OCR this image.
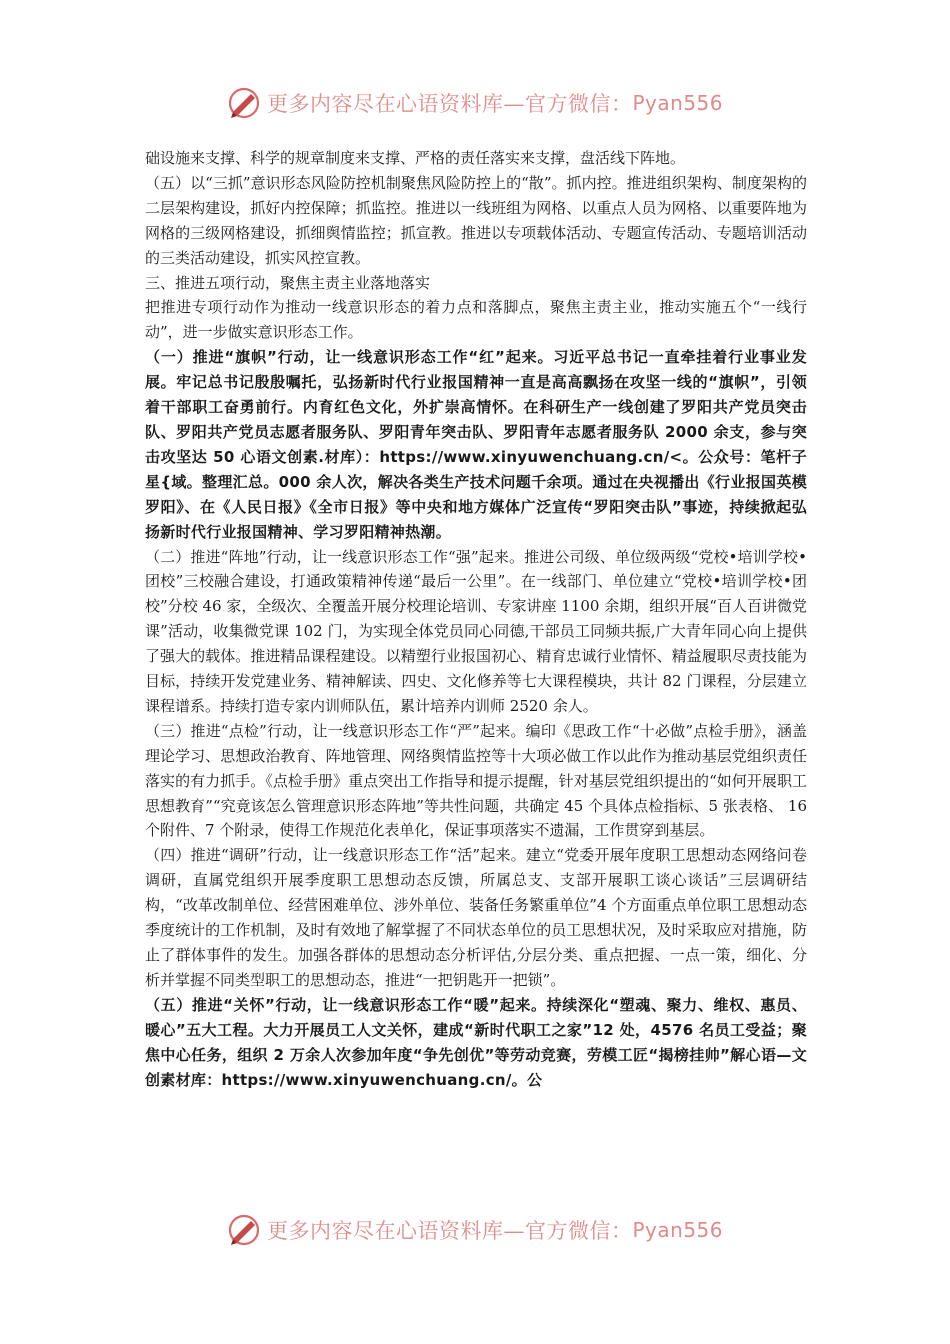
更多内容尽在心语资料库—官方微信： Pyan556

础设施来支撑、科学的规章制度来支撑、严格的责任落实来支撑，盘活线下阵地。

（五）以“三抓”意识形态风险防控机制聚焦风险防控上的“散”。抓内控。推进组织架构、制度架构的二层架构建设，抓好内控保障；抓监控。推进以一线班组为网格、以重点人员为网格、以重要阵地为网格的三级网格建设，抓细舆情监控；抓宣教。推进以专项载体活动、专题宣传活动、专题培训活动的三类活动建设，抓实风控宣教。

三、推进五项行动，聚焦主责主业落地落实

把推进专项行动作为推动一线意识形态的着力点和落脚点，聚焦主责主业，推动实施五个“一线行动”，进一步做实意识形态工作。

（一）推进“旗帜”行动，让一线意识形态工作“红”起来。习近平总书记一直牵挂着行业事业发展。牢记总书记殷殷嘱托，弘扬新时代行业报国精神一直是高高飘扬在攻坚一线的“旗帜”，引领着干部职工奋勇前行。内育红色文化，外扩崇高情怀。在科研生产一线创建了罗阳共产党员突击队、罗阳共产党员志愿者服务队、罗阳青年突击队、罗阳青年志愿者服务队 2000 余支，参与突击攻坚达 50 心语文创素.材库）：https://www.xinyuwenchuang.cn/<。公众号：笔杆子星{域。整理汇总。000 余人次，解决各类生产技术问题千余项。通过在央视播出《行业报国英模罗阳》、在《人民日报》《全市日报》等中央和地方媒体广泛宣传“罗阳突击队”事迹，持续掀起弘扬新时代行业报国精神、学习罗阳精神热潮。

（二）推进“阵地”行动，让一线意识形态工作“强”起来。推进公司级、单位级两级“党校•培训学校•团校”三校融合建设，打通政策精神传递“最后一公里”。在一线部门、单位建立“党校•培训学校•团校”分校 46 家，全级次、全覆盖开展分校理论培训、专家讲座 1100 余期，组织开展“百人百讲微党课”活动，收集微党课 102 门，为实现全体党员同心同德,干部员工同频共振,广大青年同心向上提供了强大的载体。推进精品课程建设。以精塑行业报国初心、精育忠诚行业情怀、精益履职尽责技能为目标，持续开发党建业务、精神解读、四史、文化修养等七大课程模块，共计 82 门课程，分层建立课程谱系。持续打造专家内训师队伍，累计培养内训师 2520 余人。

（三）推进“点检”行动，让一线意识形态工作“严”起来。编印《思政工作“十必做”点检手册》，涵盖理论学习、思想政治教育、阵地管理、网络舆情监控等十大项必做工作以此作为推动基层党组织责任落实的有力抓手。《点检手册》重点突出工作指导和提示提醒，针对基层党组织提出的“如何开展职工思想教育”“究竟该怎么管理意识形态阵地”等共性问题，共确定 45 个具体点检指标、5 张表格、 16 个附件、7 个附录，使得工作规范化表单化，保证事项落实不遗漏，工作贯穿到基层。

（四）推进“调研”行动，让一线意识形态工作“活”起来。建立“党委开展年度职工思想动态网络问卷调研，直属党组织开展季度职工思想动态反馈，所属总支、支部开展职工谈心谈话”三层调研结构，“改革改制单位、经营困难单位、涉外单位、装备任务繁重单位”4 个方面重点单位职工思想动态季度统计的工作机制，及时有效地了解掌握了不同状态单位的员工思想状况，及时采取应对措施，防止了群体事件的发生。加强各群体的思想动态分析评估,分层分类、重点把握、一点一策，细化、分析并掌握不同类型职工的思想动态，推进“一把钥匙开一把锁”。

（五）推进“关怀”行动，让一线意识形态工作“暖”起来。持续深化“塑魂、聚力、维权、惠员、暖心”五大工程。大力开展员工人文关怀，建成“新时代职工之家”12 处，4576 名员工受益；聚焦中心任务，组织 2 万余人次参加年度“争先创优”等劳动竞赛，劳模工匠“揭榜挂帅”解心语—文创素材库：https://www.xinyuwenchuang.cn/。公

更多内容尽在心语资料库—官方微信： Pyan556
